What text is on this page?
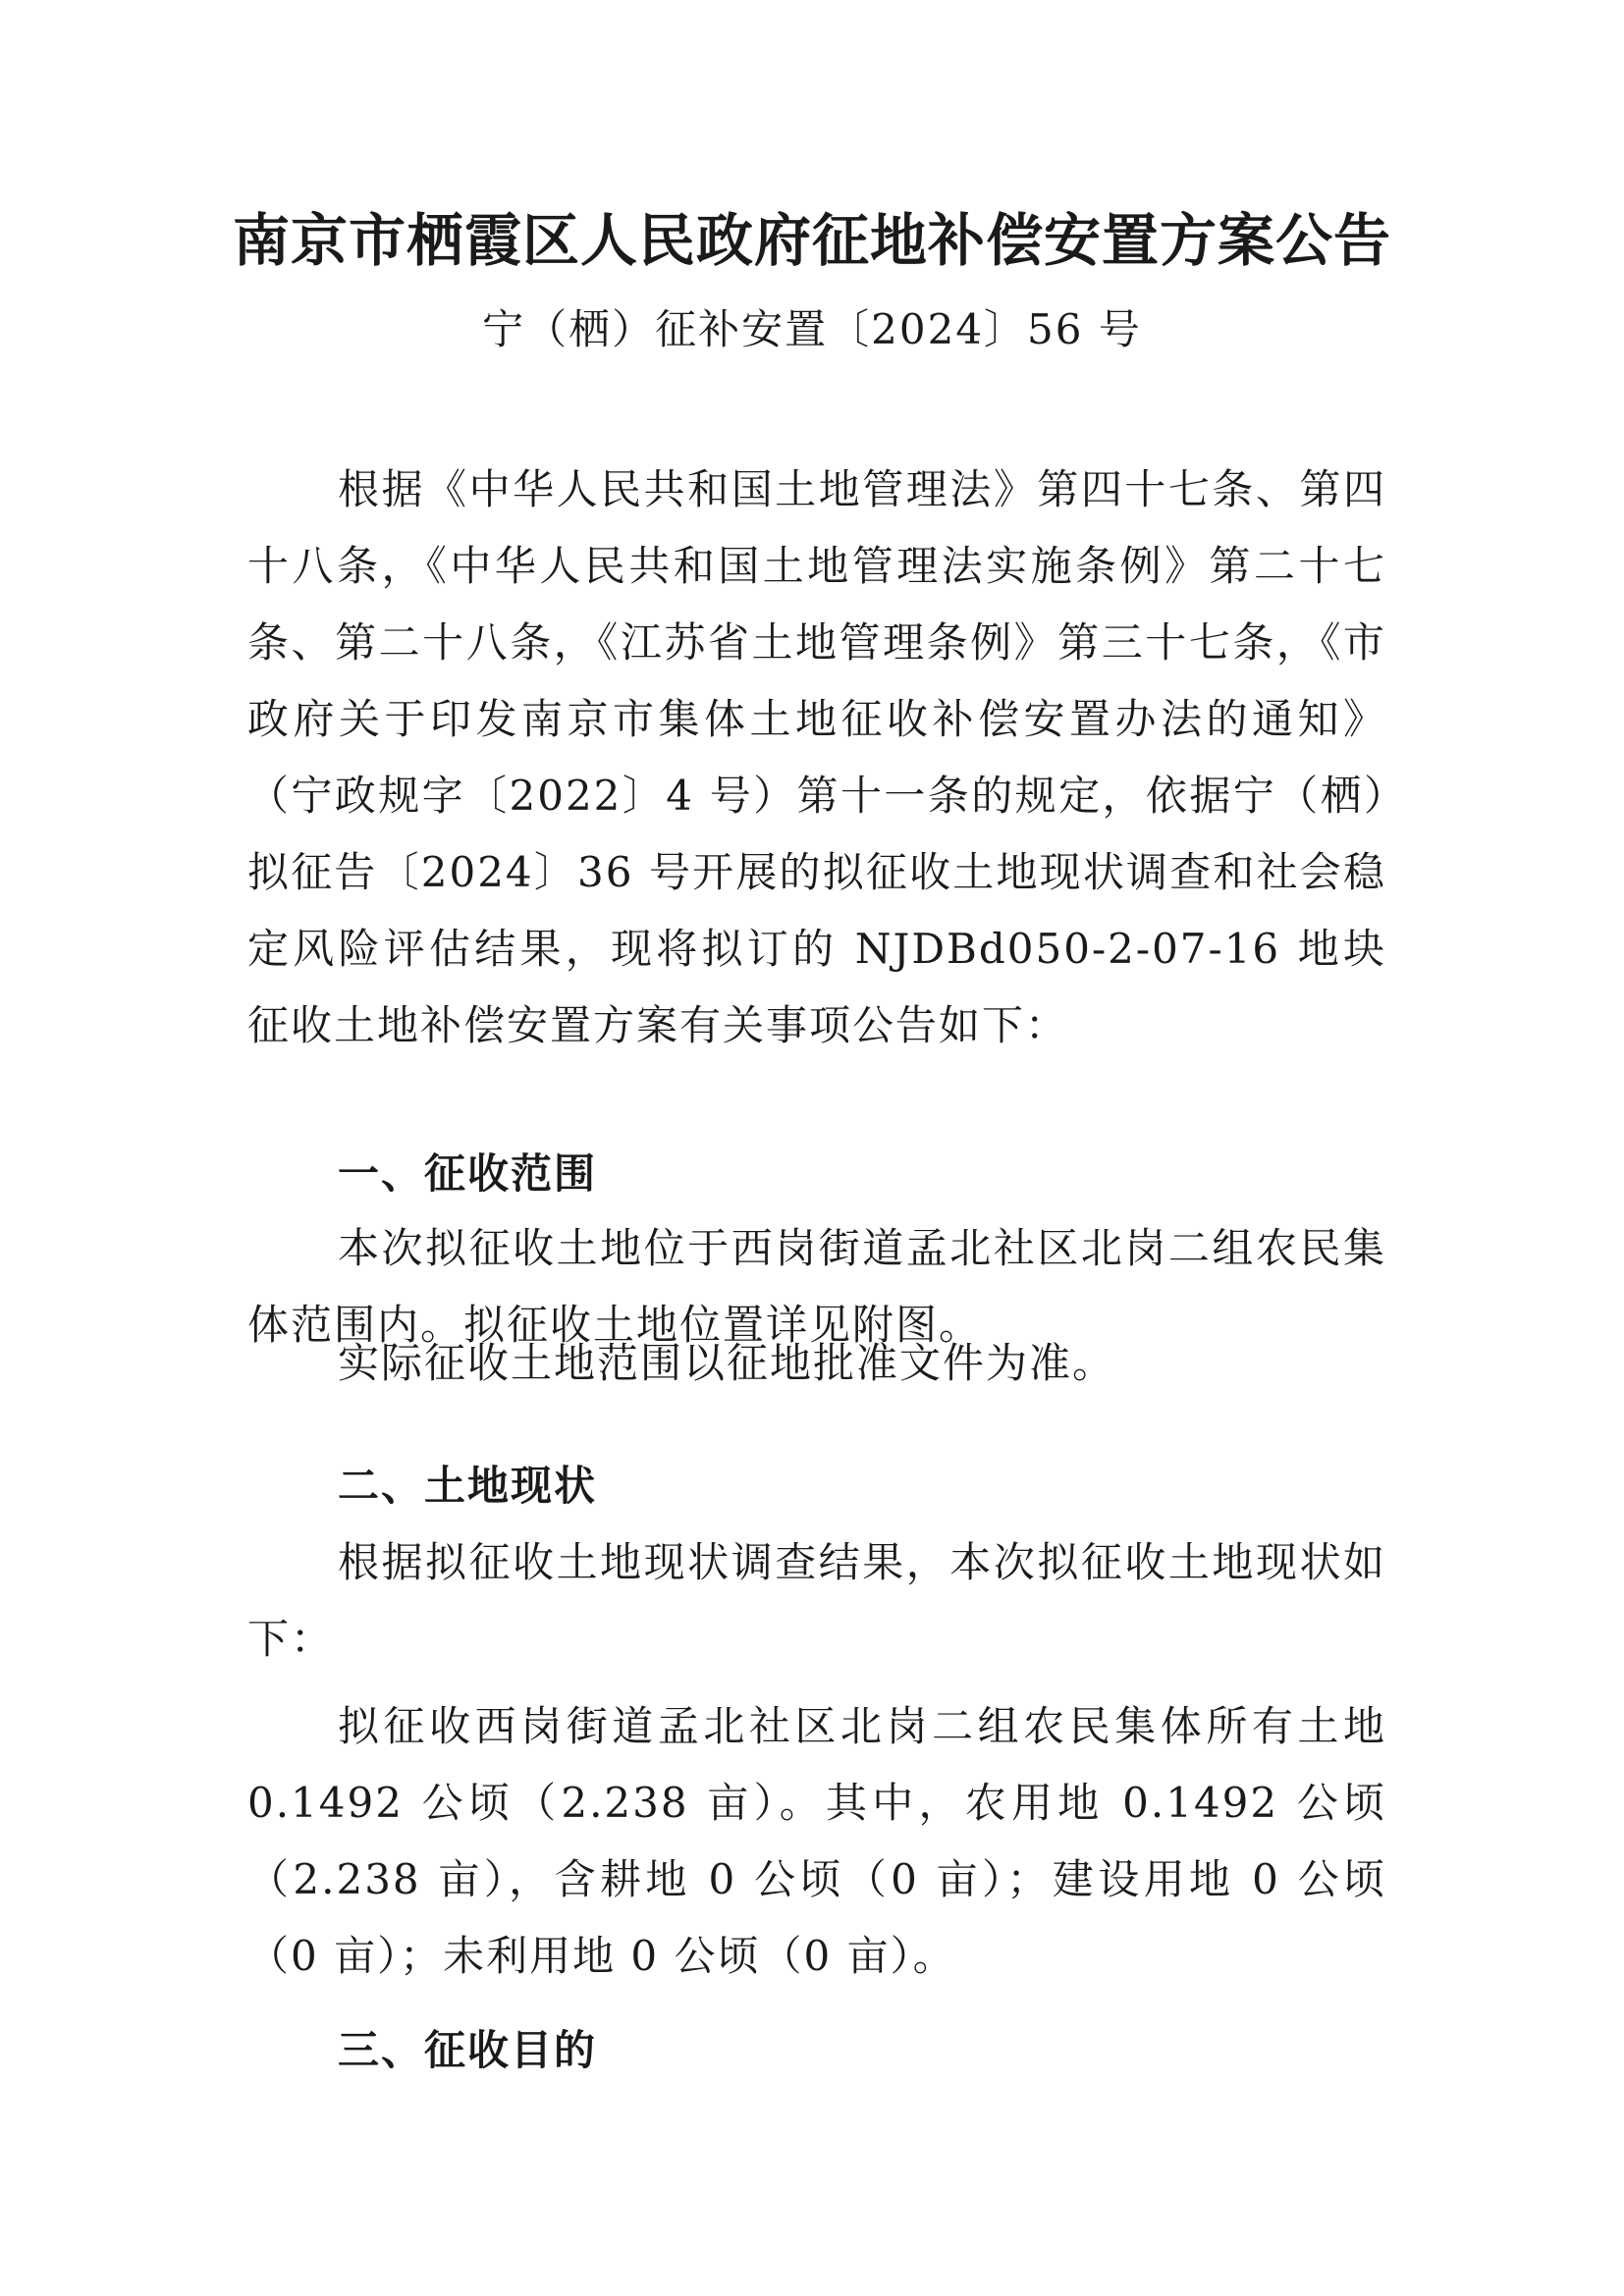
南京市栖霞区人民政府征地补偿安置方案公告
宁（栖）征补安置〔2024〕56 号
根据《中华人民共和国土地管理法》第四十七条、第四十八条，《中华人民共和国土地管理法实施条例》第二十七条、第二十八条，《江苏省土地管理条例》第三十七条，《市政府关于印发南京市集体土地征收补偿安置办法的通知》（宁政规字〔2022〕4 号）第十一条的规定，依据宁（栖）拟征告〔2024〕36 号开展的拟征收土地现状调查和社会稳定风险评估结果，现将拟订的 NJDBd050-2-07-16 地块征收土地补偿安置方案有关事项公告如下：
一、征收范围
本次拟征收土地位于西岗街道孟北社区北岗二组农民集体范围内。拟征收土地位置详见附图。
实际征收土地范围以征地批准文件为准。
二、土地现状
根据拟征收土地现状调查结果，本次拟征收土地现状如下：
拟征收西岗街道孟北社区北岗二组农民集体所有土地 0.1492 公顷（2.238 亩）。其中，农用地 0.1492 公顷（2.238 亩），含耕地 0 公顷（0 亩）；建设用地 0 公顷（0 亩）；未利用地 0 公顷（0 亩）。
三、征收目的
